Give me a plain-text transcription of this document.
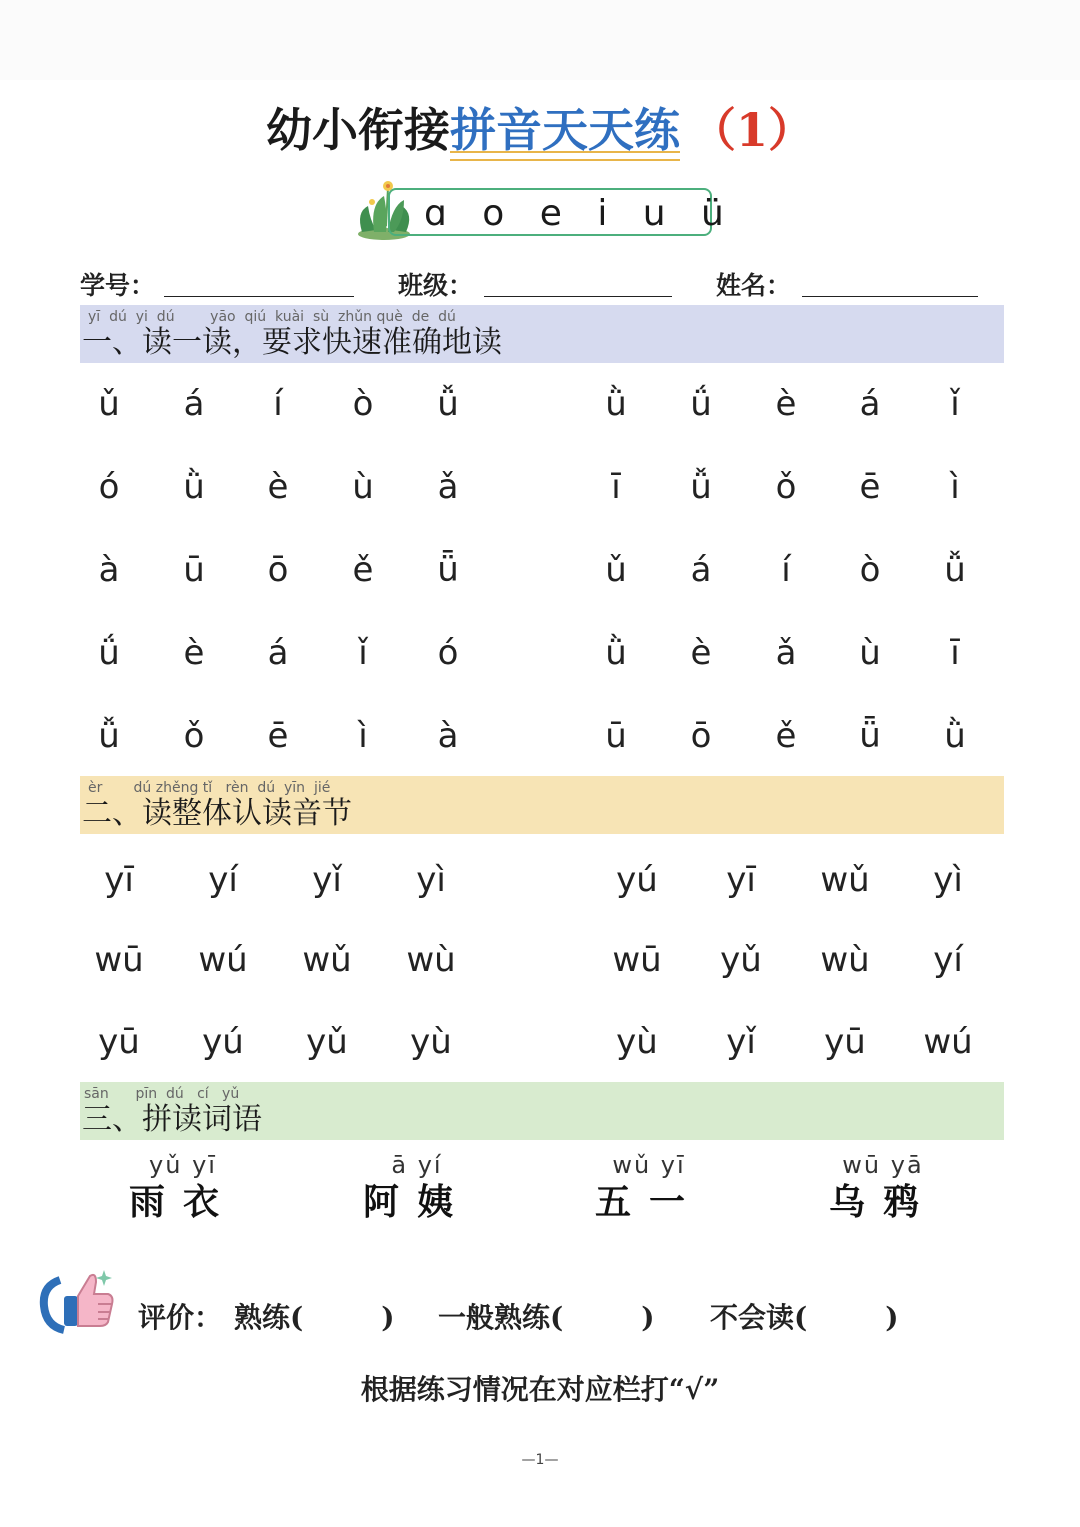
幼小衔接拼音天天练 （1）
ɑ o e i u ü
学号：	班级：	姓名：
yī  dú  yi  dú        yāo  qiú  kuài  sù  zhǔn què  de  dú
一、读一读，要求快速准确地读
ǔ	á	í	ò	ǚ	ǜ	ǘ	è	á	ǐ
ó	ǜ	è	ù	ǎ	ī	ǚ	ǒ	ē	ì
à	ū	ō	ě	ǖ	ǔ	á	í	ò	ǚ
ǘ	è	á	ǐ	ó	ǜ	è	ǎ	ù	ī
ǚ	ǒ	ē	ì	à	ū	ō	ě	ǖ	ǜ
èr       dú zhěng tǐ   rèn  dú  yīn  jié
二、读整体认读音节
yī	yí	yǐ	yì	yú	yī	wǔ	yì
wū	wú	wǔ	wù	wū	yǔ	wù	yí
yū	yú	yǔ	yù	yù	yǐ	yū	wú
sān      pīn  dú   cí   yǔ
三、拼读词语
yǔ yī
雨衣
ā yí
阿姨
wǔ yī
五一
wū yā
乌鸦
评价： 熟练(        ) 一般熟练(        ) 不会读(        )
根据练习情况在对应栏打“√”
—1—
